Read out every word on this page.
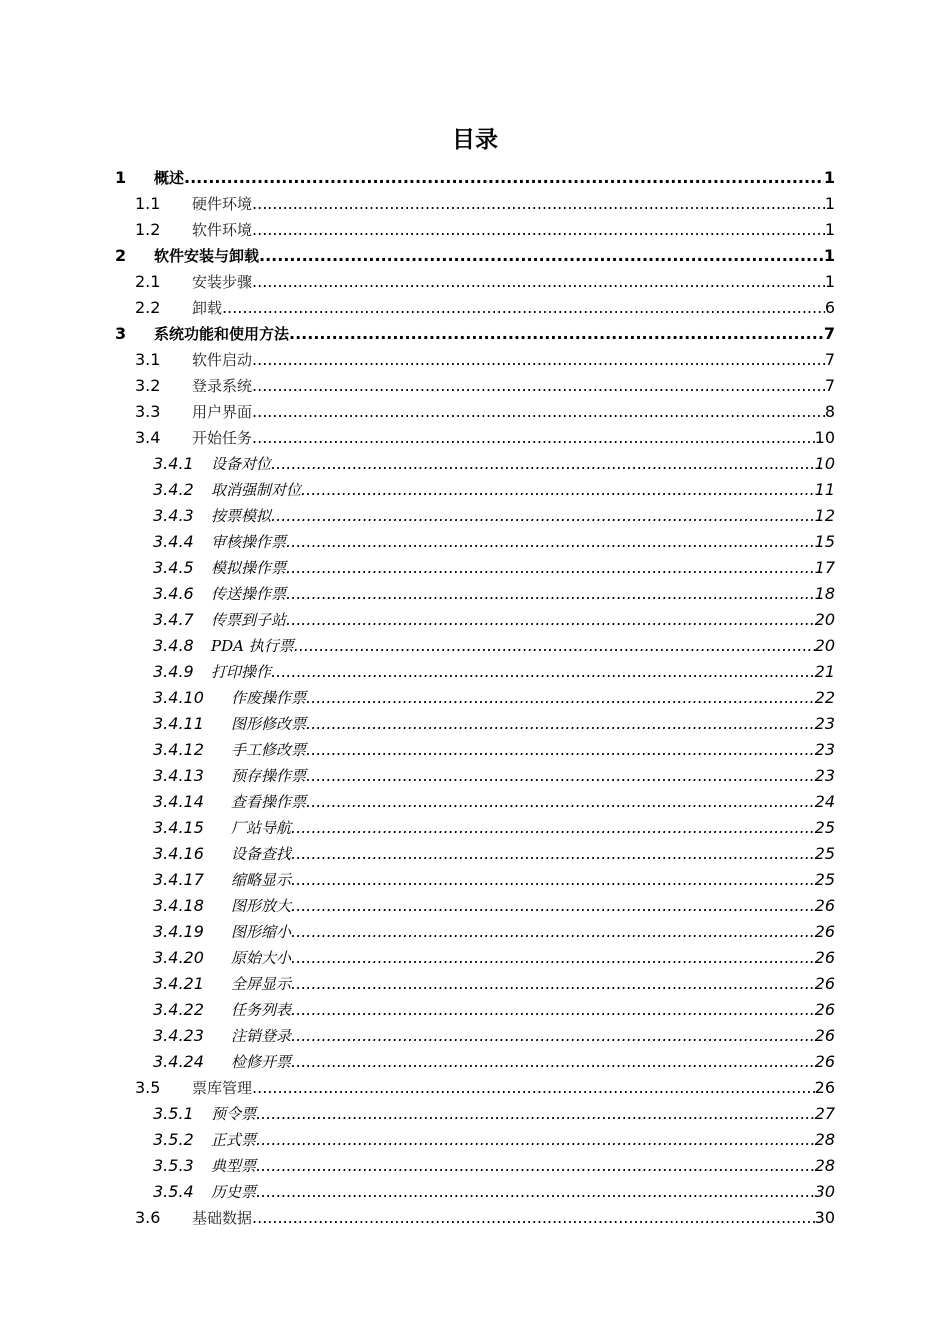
目录
1	概述 .....	1
1.1	硬件环境 .....	1
1.2	软件环境 .....	1
2	软件安装与卸载 .....	1
2.1	安装步骤 .....	1
2.2	卸载 .....	6
3	系统功能和使用方法 .....	7
3.1	软件启动 .....	7
3.2	登录系统 .....	7
3.3	用户界面 .....	8
3.4	开始任务 .....	10
3.4.1	设备对位 .....	10
3.4.2	取消强制对位 .....	11
3.4.3	按票模拟 .....	12
3.4.4	审核操作票 .....	15
3.4.5	模拟操作票 .....	17
3.4.6	传送操作票 .....	18
3.4.7	传票到子站 .....	20
3.4.8	PDA 执行票 .....	20
3.4.9	打印操作 .....	21
3.4.10	作废操作票 .....	22
3.4.11	图形修改票 .....	23
3.4.12	手工修改票 .....	23
3.4.13	预存操作票 .....	23
3.4.14	查看操作票 .....	24
3.4.15	厂站导航 .....	25
3.4.16	设备查找 .....	25
3.4.17	缩略显示 .....	25
3.4.18	图形放大 .....	26
3.4.19	图形缩小 .....	26
3.4.20	原始大小 .....	26
3.4.21	全屏显示 .....	26
3.4.22	任务列表 .....	26
3.4.23	注销登录 .....	26
3.4.24	检修开票 .....	26
3.5	票库管理 .....	26
3.5.1	预令票 .....	27
3.5.2	正式票 .....	28
3.5.3	典型票 .....	28
3.5.4	历史票 .....	30
3.6	基础数据 .....	30
